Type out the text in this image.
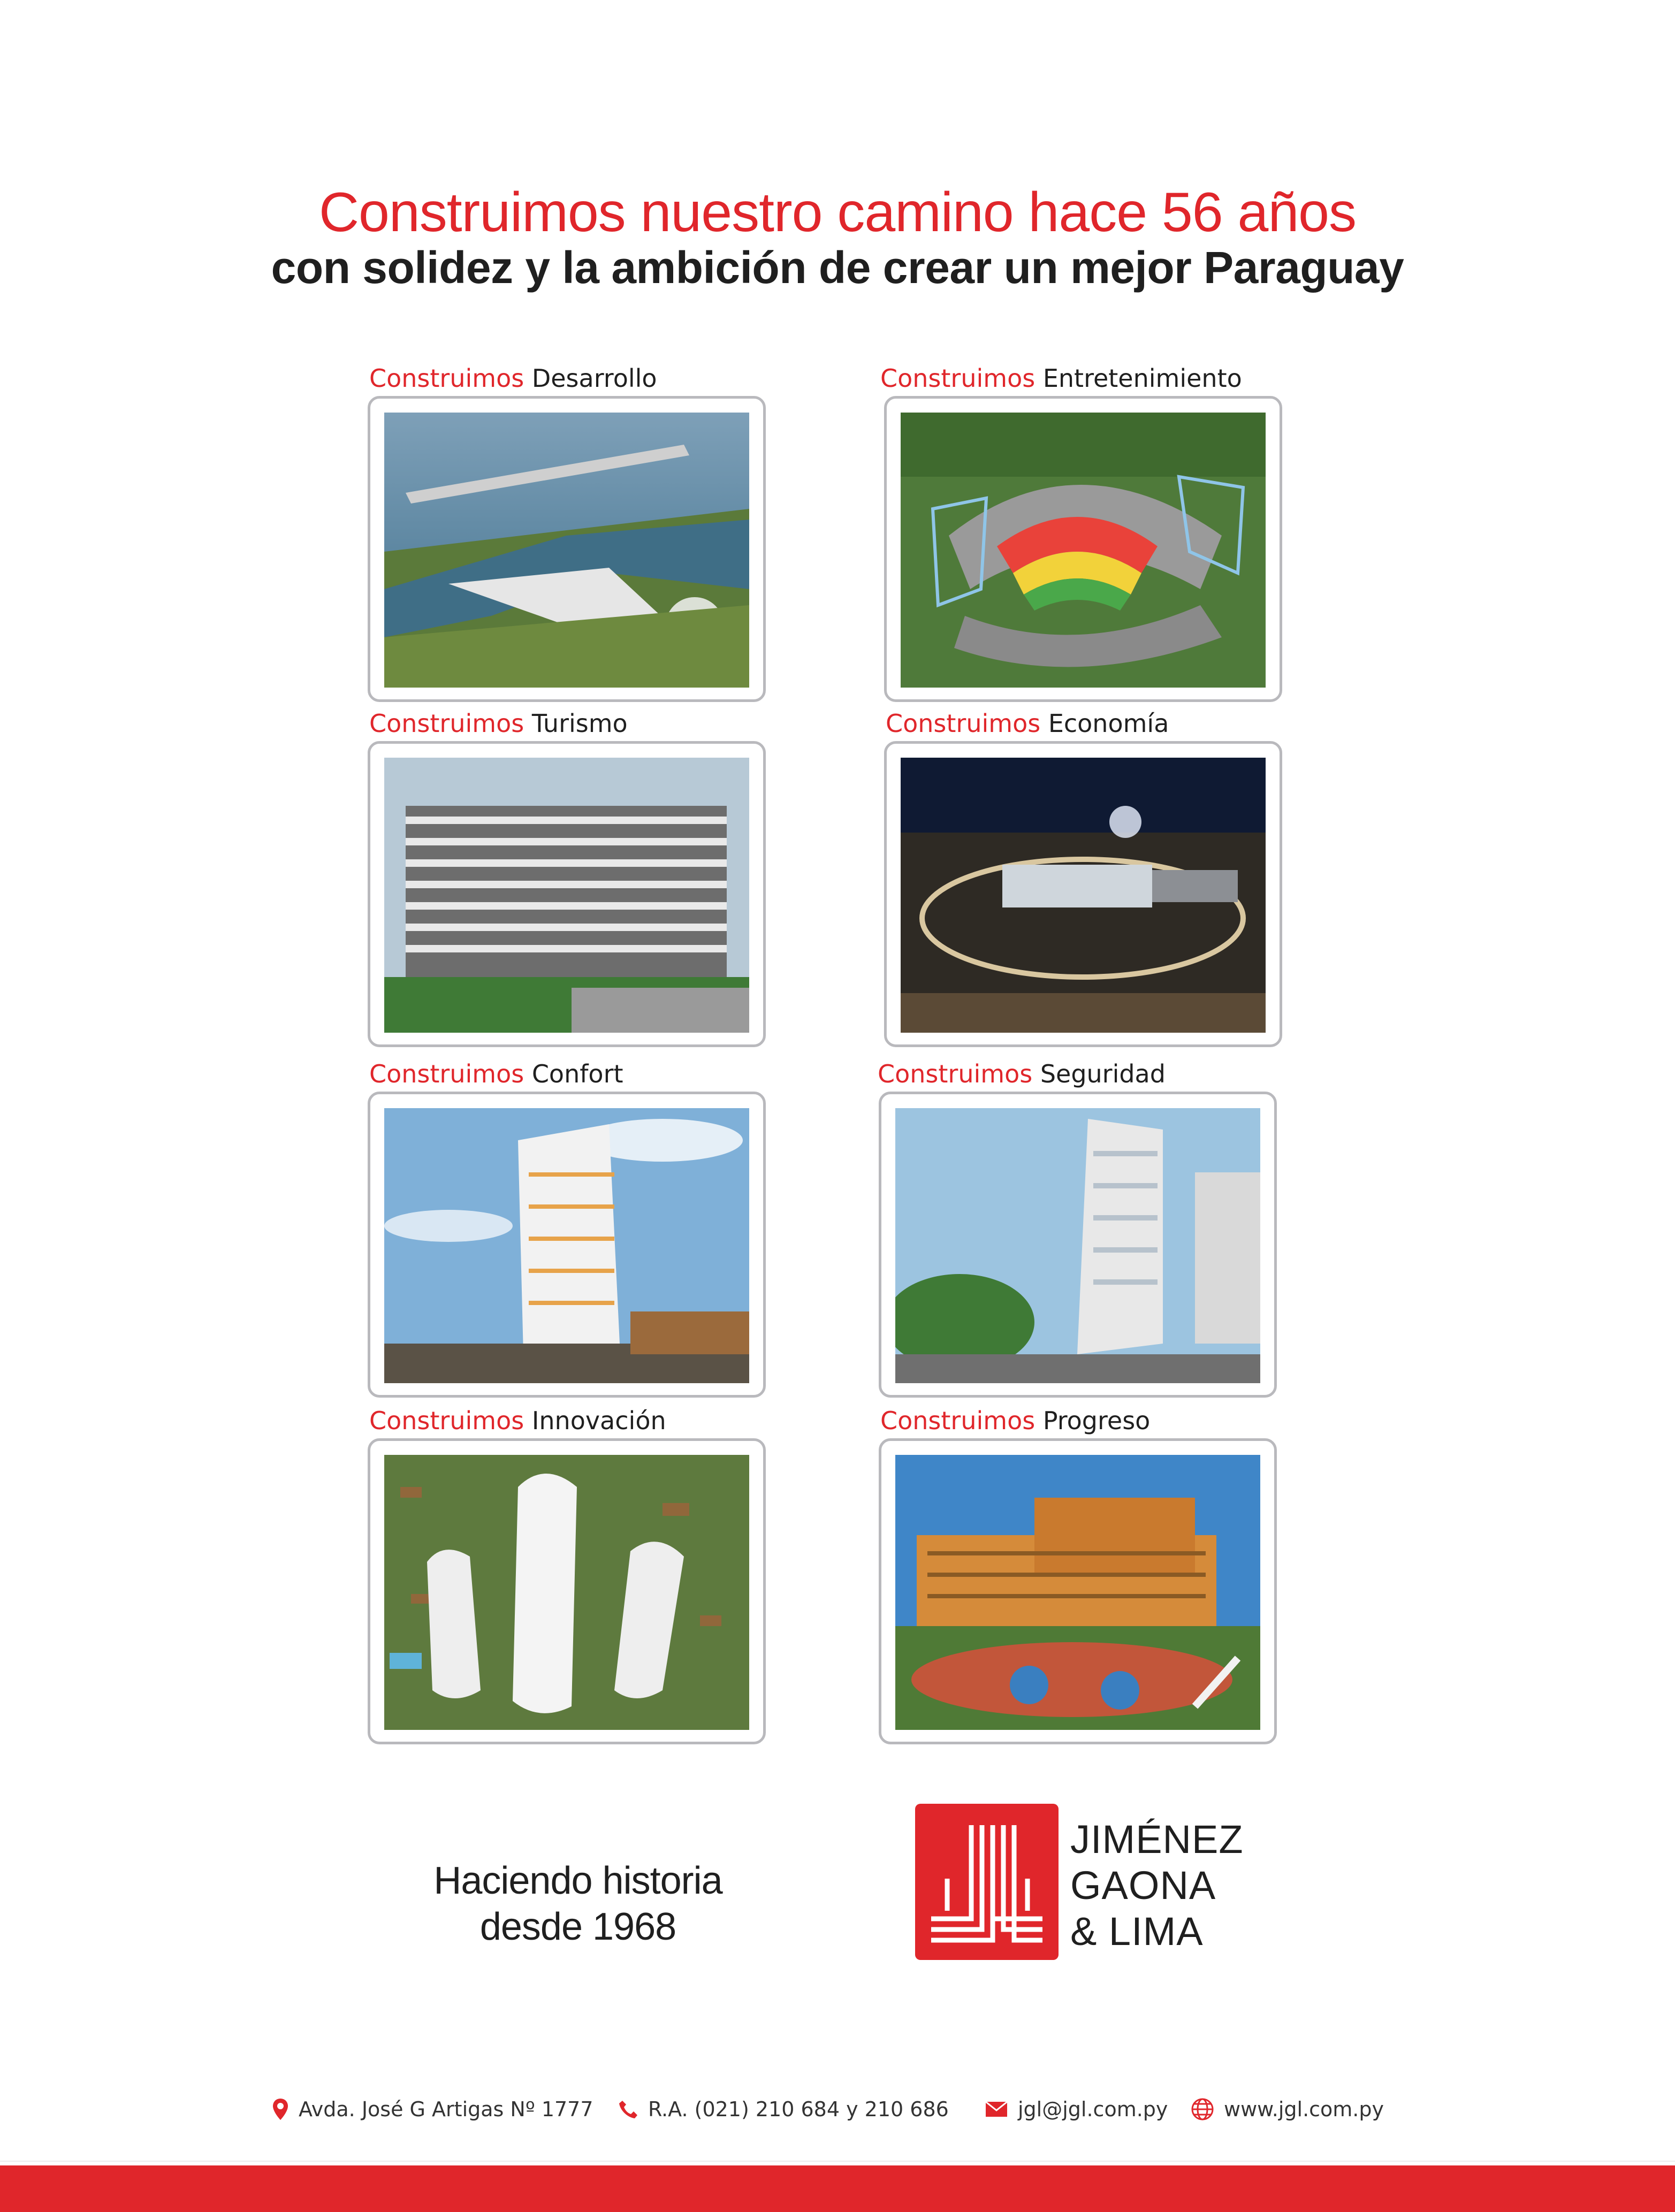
Construimos nuestro camino hace 56 años
con solidez y la ambición de crear un mejor Paraguay
Construimos Desarrollo	Construimos Entretenimiento
Construimos Turismo	Construimos Economía
Construimos Confort	Construimos Seguridad
Construimos Innovación	Construimos Progreso
Haciendo historia
desde 1968
JIMÉNEZ
GAONA
& LIMA
Avda. José G Artigas Nº 1777	R.A. (021) 210 684 y 210 686	jgl@jgl.com.py	www.jgl.com.py
